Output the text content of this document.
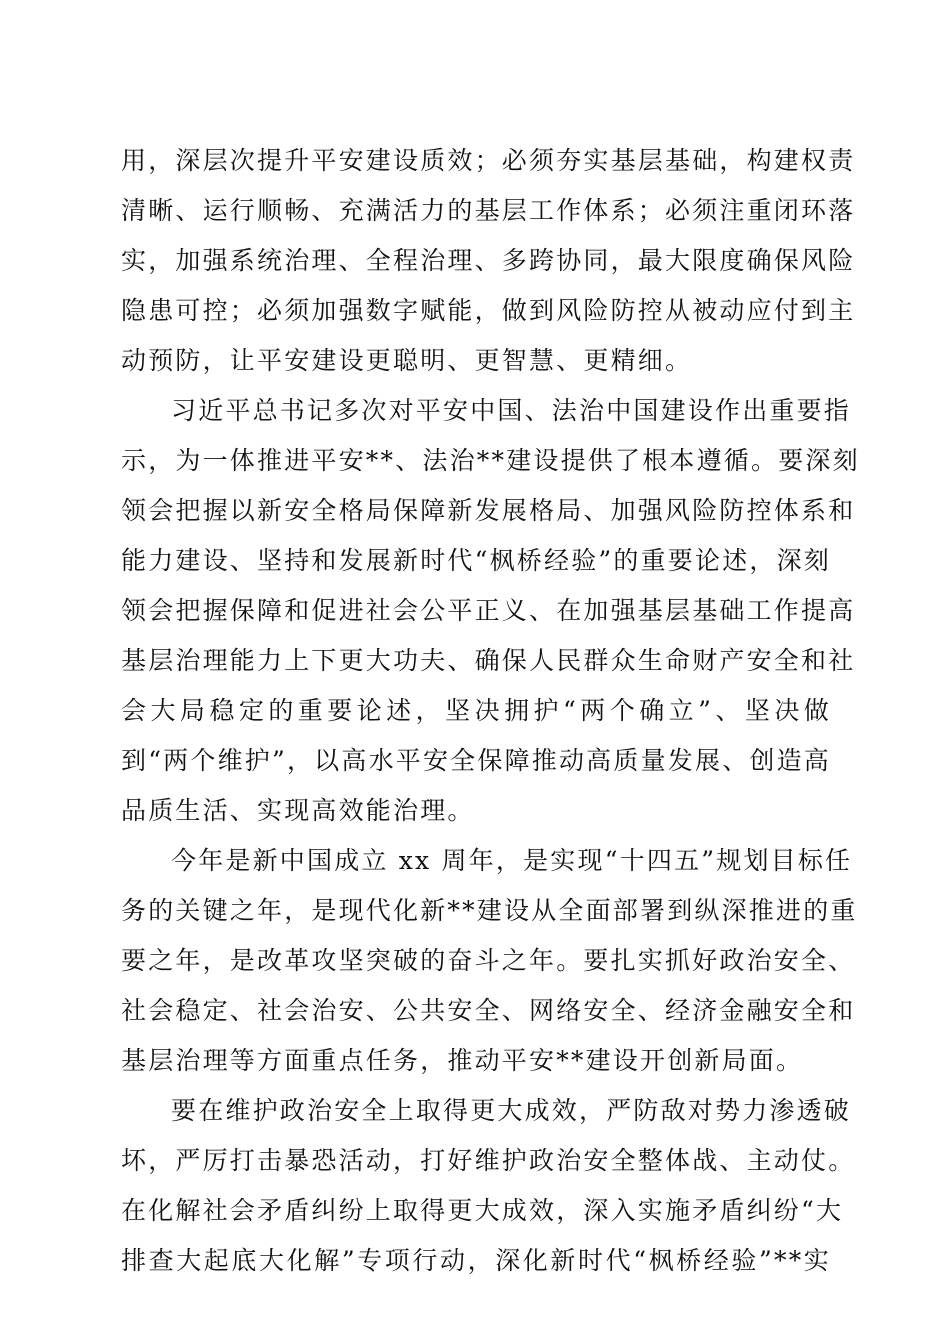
用，深层次提升平安建设质效；必须夯实基层基础，构建权责
清晰、运行顺畅、充满活力的基层工作体系；必须注重闭环落
实，加强系统治理、全程治理、多跨协同，最大限度确保风险
隐患可控；必须加强数字赋能，做到风险防控从被动应付到主
动预防，让平安建设更聪明、更智慧、更精细。
习近平总书记多次对平安中国、法治中国建设作出重要指
示，为一体推进平安**、法治**建设提供了根本遵循。要深刻
领会把握以新安全格局保障新发展格局、加强风险防控体系和
能力建设、坚持和发展新时代“枫桥经验”的重要论述，深刻
领会把握保障和促进社会公平正义、在加强基层基础工作提高
基层治理能力上下更大功夫、确保人民群众生命财产安全和社
会大局稳定的重要论述，坚决拥护“两个确立”、坚决做
到“两个维护”，以高水平安全保障推动高质量发展、创造高
品质生活、实现高效能治理。
今年是新中国成立 xx 周年，是实现“十四五”规划目标任
务的关键之年，是现代化新**建设从全面部署到纵深推进的重
要之年，是改革攻坚突破的奋斗之年。要扎实抓好政治安全、
社会稳定、社会治安、公共安全、网络安全、经济金融安全和
基层治理等方面重点任务，推动平安**建设开创新局面。
要在维护政治安全上取得更大成效，严防敌对势力渗透破
坏，严厉打击暴恐活动，打好维护政治安全整体战、主动仗。
在化解社会矛盾纠纷上取得更大成效，深入实施矛盾纠纷“大
排查大起底大化解”专项行动，深化新时代“枫桥经验”**实
